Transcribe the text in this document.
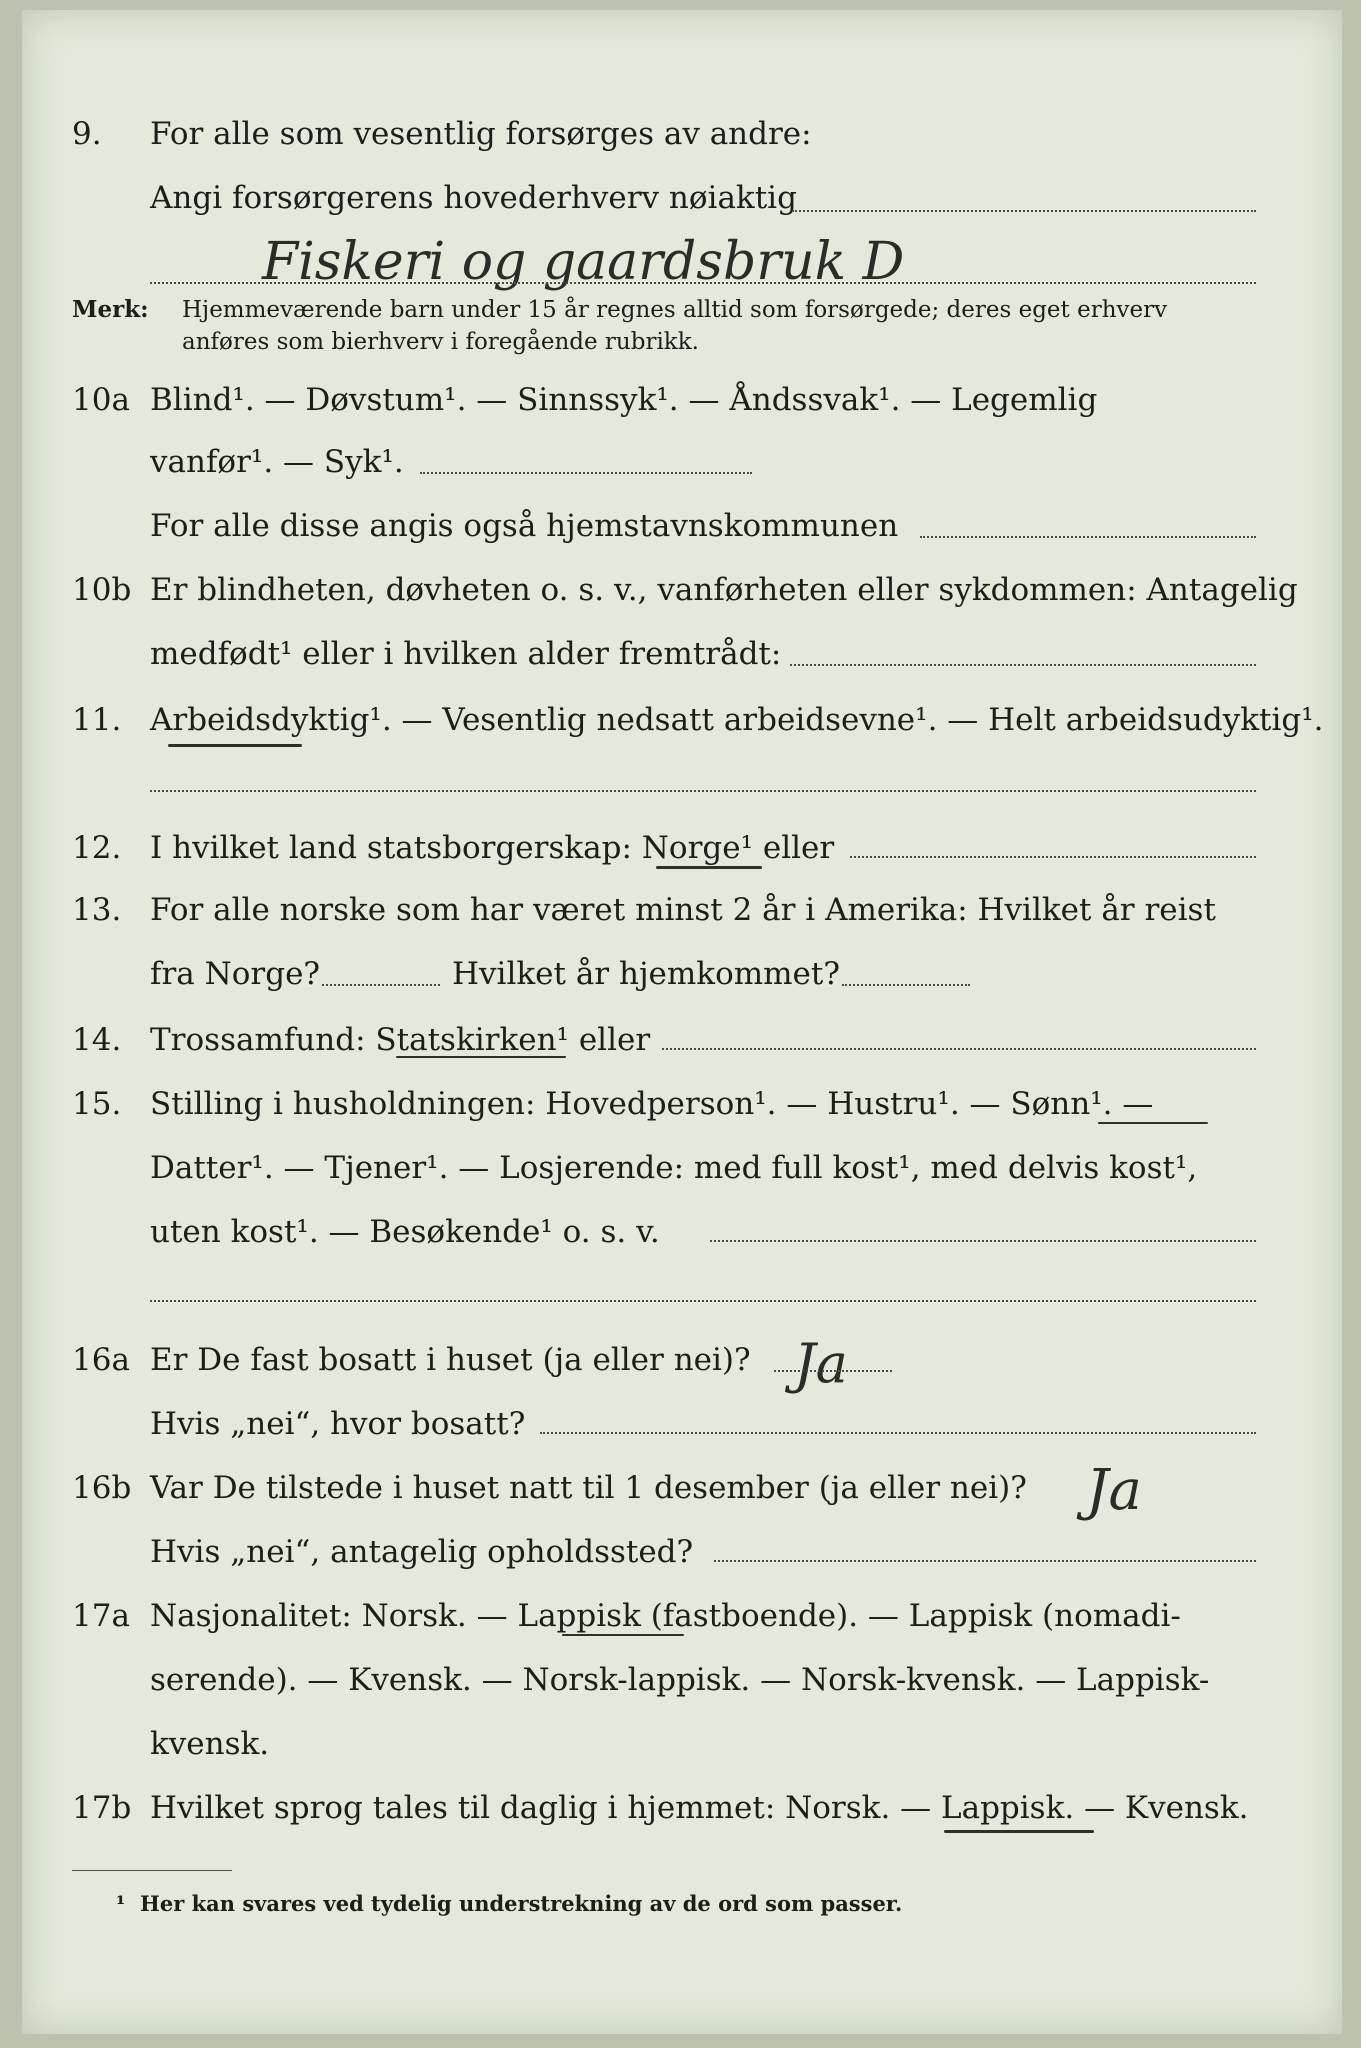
9. For alle som vesentlig forsørges av andre:
Angi forsørgerens hovederhverv nøiaktig
Fiskeri og gaardsbruk D
Merk: Hjemmeværende barn under 15 år regnes alltid som forsørgede; deres eget erhverv
anføres som bierhverv i foregående rubrikk.
10a Blind¹. — Døvstum¹. — Sinnssyk¹. — Åndssvak¹. — Legemlig
vanfør¹. — Syk¹.
For alle disse angis også hjemstavnskommunen
10b Er blindheten, døvheten o. s. v., vanførheten eller sykdommen: Antagelig
medfødt¹ eller i hvilken alder fremtrådt:
11. Arbeidsdyktig¹. — Vesentlig nedsatt arbeidsevne¹. — Helt arbeidsudyktig¹.
12. I hvilket land statsborgerskap: Norge¹ eller
13. For alle norske som har været minst 2 år i Amerika: Hvilket år reist
fra Norge?	Hvilket år hjemkommet?
14. Trossamfund: Statskirken¹ eller
15. Stilling i husholdningen: Hovedperson¹. — Hustru¹. — Sønn¹. —
Datter¹. — Tjener¹. — Losjerende: med full kost¹, med delvis kost¹,
uten kost¹. — Besøkende¹ o. s. v.
16a Er De fast bosatt i huset (ja eller nei)? Ja
Hvis „nei“, hvor bosatt?
16b Var De tilstede i huset natt til 1 desember (ja eller nei)? Ja
Hvis „nei“, antagelig opholdssted?
17a Nasjonalitet: Norsk. — Lappisk (fastboende). — Lappisk (nomadi-
serende). — Kvensk. — Norsk-lappisk. — Norsk-kvensk. — Lappisk-
kvensk.
17b Hvilket sprog tales til daglig i hjemmet: Norsk. — Lappisk. — Kvensk.
¹ Her kan svares ved tydelig understrekning av de ord som passer.
